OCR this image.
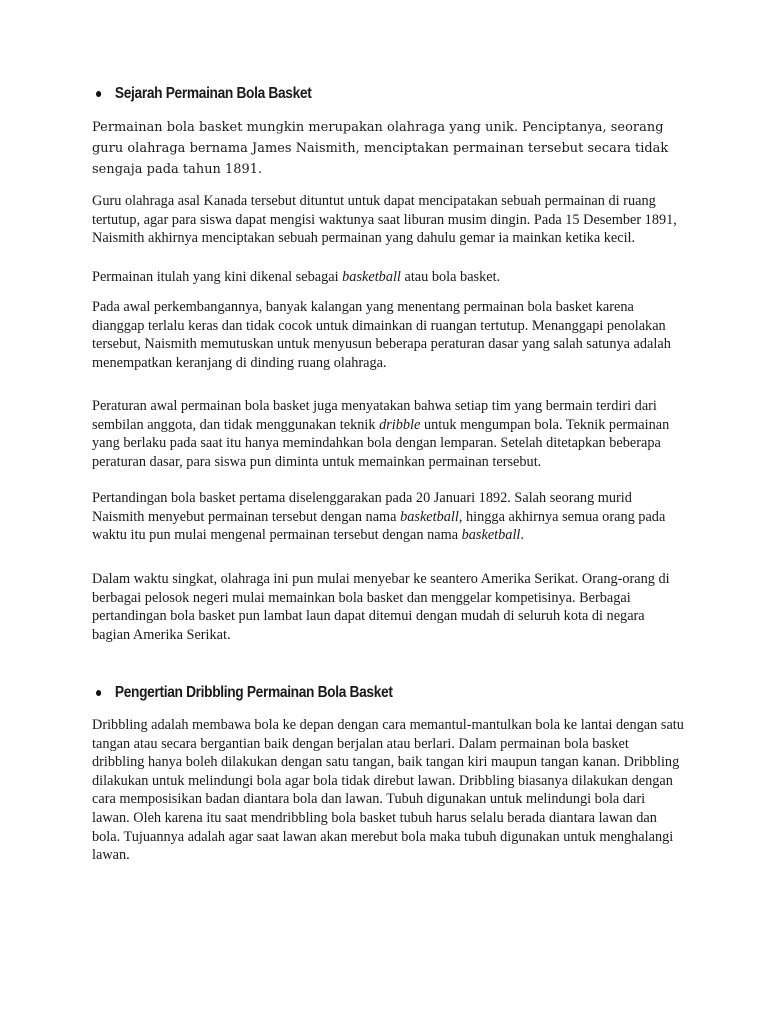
Sejarah Permainan Bola Basket

Permainan bola basket mungkin merupakan olahraga yang unik. Penciptanya, seorang guru olahraga bernama James Naismith, menciptakan permainan tersebut secara tidak sengaja pada tahun 1891.

Guru olahraga asal Kanada tersebut dituntut untuk dapat mencipatakan sebuah permainan di ruang tertutup, agar para siswa dapat mengisi waktunya saat liburan musim dingin. Pada 15 Desember 1891, Naismith akhirnya menciptakan sebuah permainan yang dahulu gemar ia mainkan ketika kecil.

Permainan itulah yang kini dikenal sebagai basketball atau bola basket.

Pada awal perkembangannya, banyak kalangan yang menentang permainan bola basket karena dianggap terlalu keras dan tidak cocok untuk dimainkan di ruangan tertutup. Menanggapi penolakan tersebut, Naismith memutuskan untuk menyusun beberapa peraturan dasar yang salah satunya adalah menempatkan keranjang di dinding ruang olahraga.

Peraturan awal permainan bola basket juga menyatakan bahwa setiap tim yang bermain terdiri dari sembilan anggota, dan tidak menggunakan teknik dribble untuk mengumpan bola. Teknik permainan yang berlaku pada saat itu hanya memindahkan bola dengan lemparan. Setelah ditetapkan beberapa peraturan dasar, para siswa pun diminta untuk memainkan permainan tersebut.

Pertandingan bola basket pertama diselenggarakan pada 20 Januari 1892. Salah seorang murid Naismith menyebut permainan tersebut dengan nama basketball, hingga akhirnya semua orang pada waktu itu pun mulai mengenal permainan tersebut dengan nama basketball.

Dalam waktu singkat, olahraga ini pun mulai menyebar ke seantero Amerika Serikat. Orang-orang di berbagai pelosok negeri mulai memainkan bola basket dan menggelar kompetisinya. Berbagai pertandingan bola basket pun lambat laun dapat ditemui dengan mudah di seluruh kota di negara bagian Amerika Serikat.

Pengertian Dribbling Permainan Bola Basket

Dribbling adalah membawa bola ke depan dengan cara memantul-mantulkan bola ke lantai dengan satu tangan atau secara bergantian baik dengan berjalan atau berlari. Dalam permainan bola basket dribbling hanya boleh dilakukan dengan satu tangan, baik tangan kiri maupun tangan kanan. Dribbling dilakukan untuk melindungi bola agar bola tidak direbut lawan. Dribbling biasanya dilakukan dengan cara memposisikan badan diantara bola dan lawan. Tubuh digunakan untuk melindungi bola dari lawan. Oleh karena itu saat mendribbling bola basket tubuh harus selalu berada diantara lawan dan bola. Tujuannya adalah agar saat lawan akan merebut bola maka tubuh digunakan untuk menghalangi lawan.
